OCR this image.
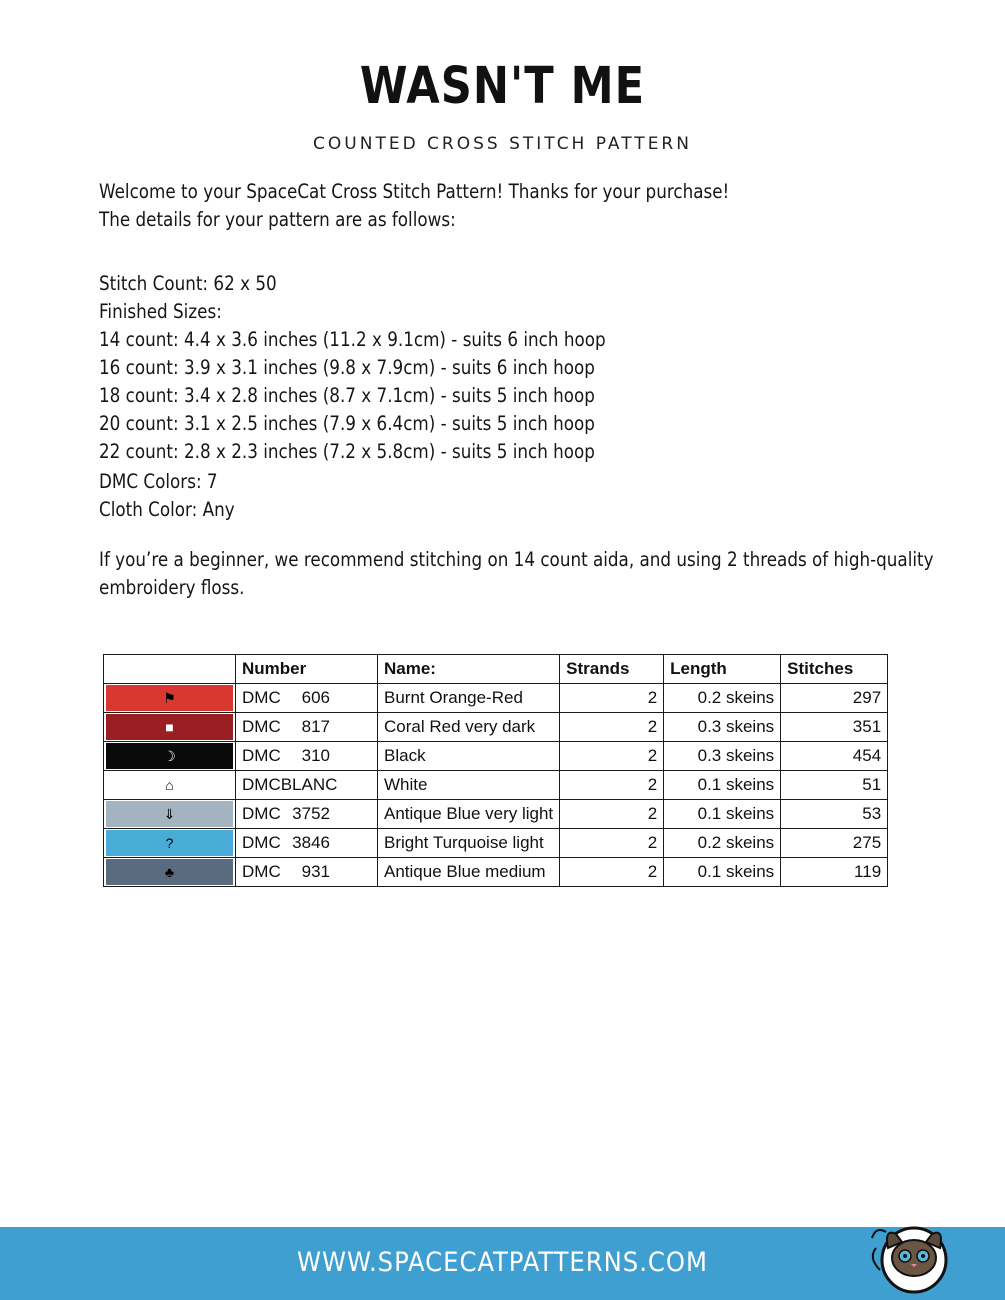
WASN'T ME
COUNTED CROSS STITCH PATTERN
Welcome to your SpaceCat Cross Stitch Pattern! Thanks for your purchase!
The details for your pattern are as follows:
Stitch Count: 62 x 50
Finished Sizes:
14 count: 4.4 x 3.6 inches (11.2 x 9.1cm) - suits 6 inch hoop
16 count: 3.9 x 3.1 inches (9.8 x 7.9cm) - suits 6 inch hoop
18 count: 3.4 x 2.8 inches (8.7 x 7.1cm) - suits 5 inch hoop
20 count: 3.1 x 2.5 inches (7.9 x 6.4cm) - suits 5 inch hoop
22 count: 2.8 x 2.3 inches (7.2 x 5.8cm) - suits 5 inch hoop
DMC Colors: 7
Cloth Color: Any
If you’re a beginner, we recommend stitching on 14 count aida, and using 2 threads of high-quality
embroidery floss.
	Number	Name:	Strands	Length	Stitches

⚑	DMC 606	Burnt Orange-Red	2	0.2 skeins	297

■	DMC 817	Coral Red very dark	2	0.3 skeins	351

☽	DMC 310	Black	2	0.3 skeins	454

⌂	DMC BLANC	White	2	0.1 skeins	51

⇓	DMC 3752	Antique Blue very light	2	0.1 skeins	53

?	DMC 3846	Bright Turquoise light	2	0.2 skeins	275

♣	DMC 931	Antique Blue medium	2	0.1 skeins	119
WWW.SPACECATPATTERNS.COM
